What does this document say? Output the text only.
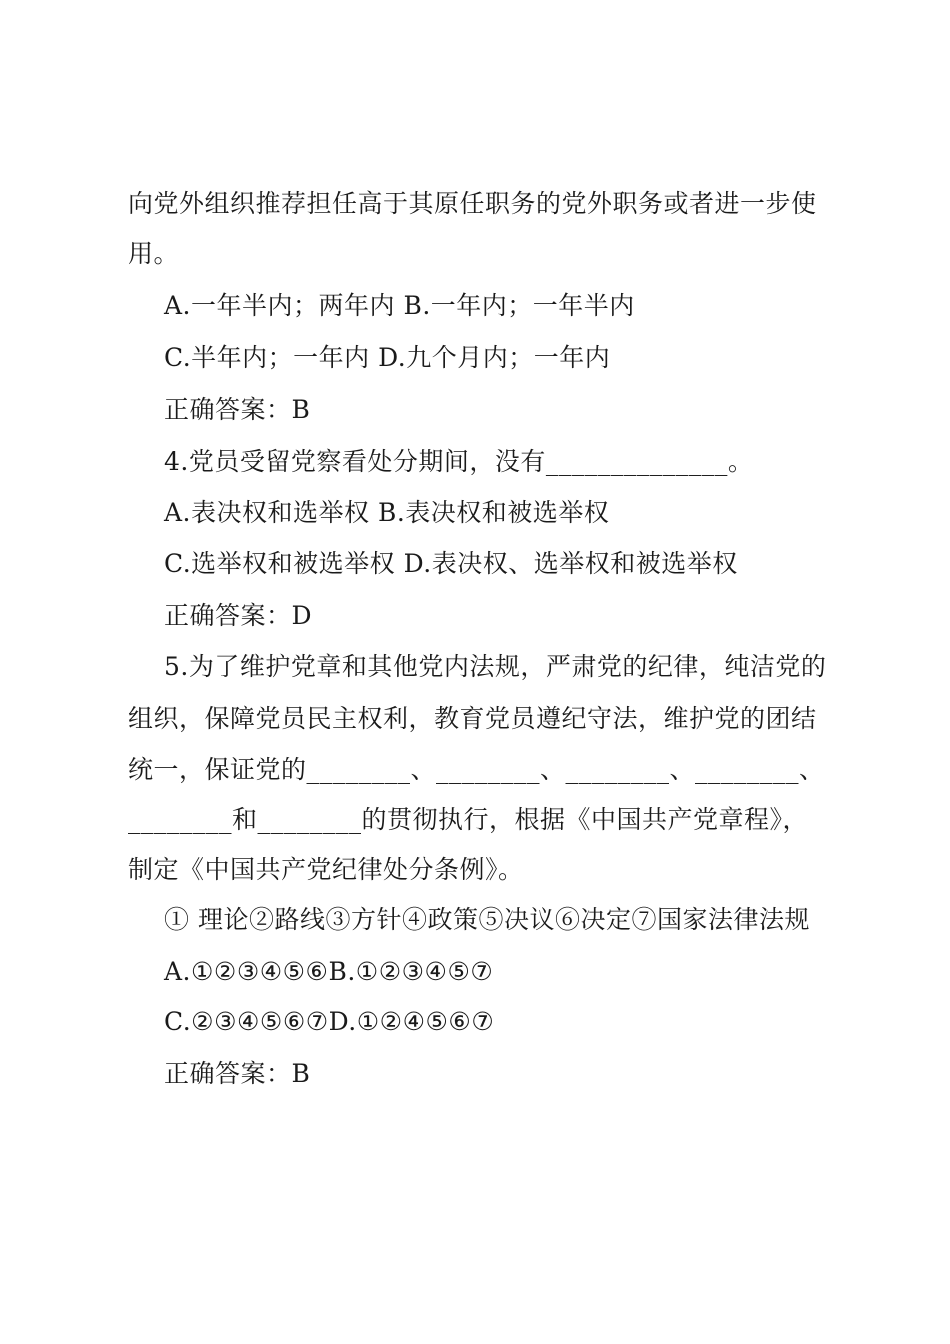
向党外组织推荐担任高于其原任职务的党外职务或者进一步使
用。
A.一年半内；两年内 B.一年内；一年半内
C.半年内；一年内 D.九个月内；一年内
正确答案：B
4.党员受留党察看处分期间，没有______________。
A.表决权和选举权 B.表决权和被选举权
C.选举权和被选举权 D.表决权、选举权和被选举权
正确答案：D
5.为了维护党章和其他党内法规，严肃党的纪律，纯洁党的
组织，保障党员民主权利，教育党员遵纪守法，维护党的团结
统一，保证党的________、________、________、________、
________和________的贯彻执行，根据《中国共产党章程》，
制定《中国共产党纪律处分条例》。
① 理论②路线③方针④政策⑤决议⑥决定⑦国家法律法规
A.①②③④⑤⑥B.①②③④⑤⑦
C.②③④⑤⑥⑦D.①②④⑤⑥⑦
正确答案：B
